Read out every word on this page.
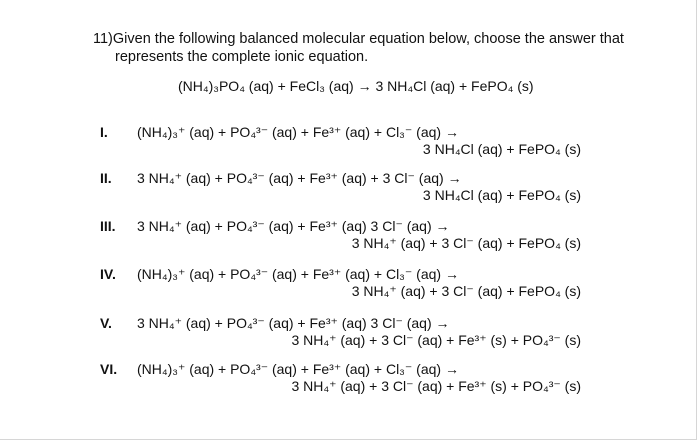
11)Given the following balanced molecular equation below, choose the answer that
represents the complete ionic equation.
(NH₄)₃PO₄ (aq) + FeCl₃ (aq) → 3 NH₄Cl (aq) + FePO₄ (s)
I.	(NH₄)₃⁺ (aq) + PO₄³⁻ (aq) + Fe³⁺ (aq) + Cl₃⁻ (aq) →
3 NH₄Cl (aq) + FePO₄ (s)
II.	3 NH₄⁺ (aq) + PO₄³⁻ (aq) + Fe³⁺ (aq) + 3 Cl⁻ (aq) →
3 NH₄Cl (aq) + FePO₄ (s)
III.	3 NH₄⁺ (aq) + PO₄³⁻ (aq) + Fe³⁺ (aq) 3 Cl⁻ (aq) →
3 NH₄⁺ (aq) + 3 Cl⁻ (aq) + FePO₄ (s)
IV.	(NH₄)₃⁺ (aq) + PO₄³⁻ (aq) + Fe³⁺ (aq) + Cl₃⁻ (aq) →
3 NH₄⁺ (aq) + 3 Cl⁻ (aq) + FePO₄ (s)
V.	3 NH₄⁺ (aq) + PO₄³⁻ (aq) + Fe³⁺ (aq) 3 Cl⁻ (aq) →
3 NH₄⁺ (aq) + 3 Cl⁻ (aq) + Fe³⁺ (s) + PO₄³⁻ (s)
VI.	(NH₄)₃⁺ (aq) + PO₄³⁻ (aq) + Fe³⁺ (aq) + Cl₃⁻ (aq) →
3 NH₄⁺ (aq) + 3 Cl⁻ (aq) + Fe³⁺ (s) + PO₄³⁻ (s)
